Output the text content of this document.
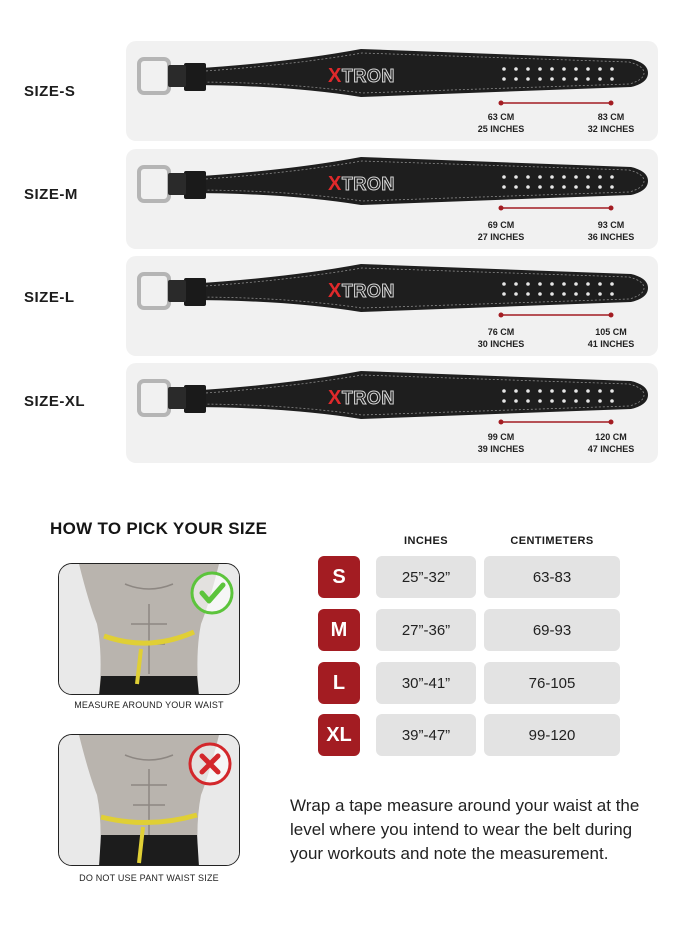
SIZE-S
XTRON
63 CM
25 INCHES
83 CM
32 INCHES
SIZE-M	XTRON
69 CM
27 INCHES
93 CM
36 INCHES
SIZE-L	XTRON
76 CM
30 INCHES
105 CM
41 INCHES
SIZE-XL	XTRON
99 CM
39 INCHES
120 CM
47 INCHES
HOW TO PICK YOUR SIZE
MEASURE AROUND YOUR WAIST
DO NOT USE PANT WAIST SIZE
INCHES	CENTIMETERS
S	25”-32”	63-83
M	27”-36”	69-93
L	30”-41”	76-105
XL	39”-47”	99-120

Wrap a tape measure around your waist at the level where you intend to wear the belt during your workouts and note the measurement.
